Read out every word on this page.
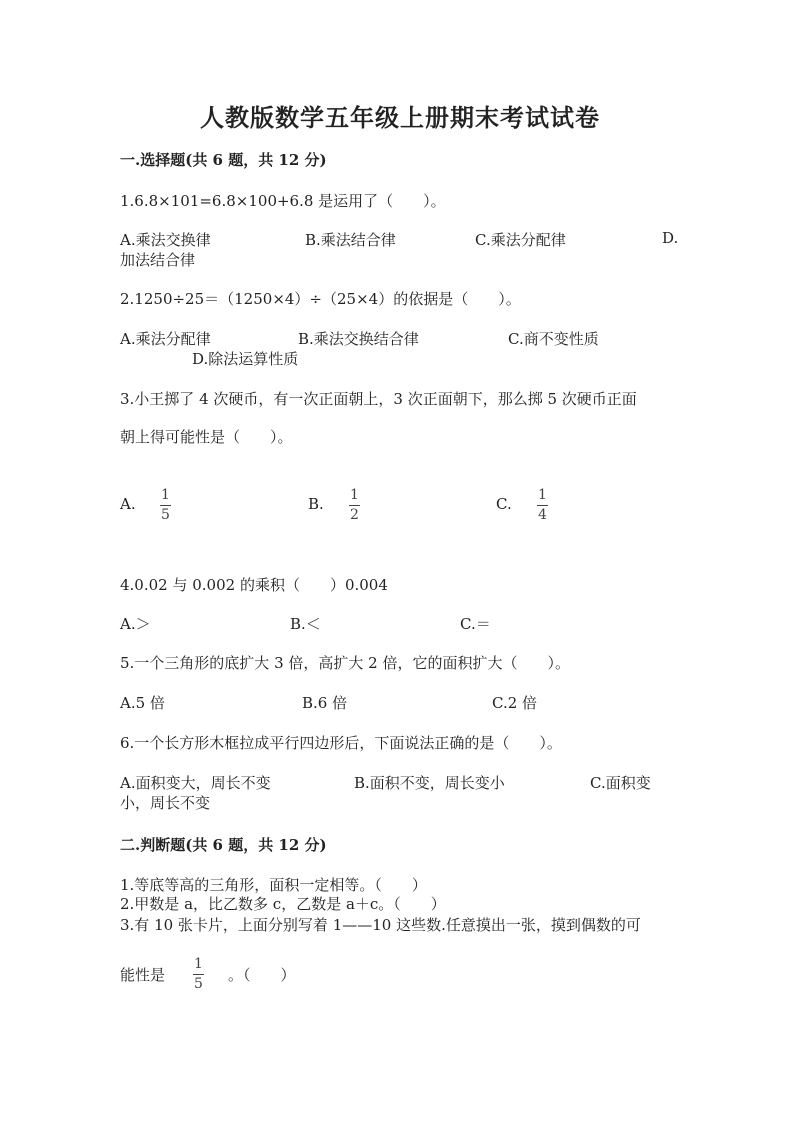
人教版数学五年级上册期末考试试卷
一.选择题(共 6 题，共 12 分)
1.6.8×101=6.8×100+6.8 是运用了（　　）。
A.乘法交换律	B.乘法结合律	C.乘法分配律	D.
加法结合律
2.1250÷25＝（1250×4）÷（25×4）的依据是（　　）。
A.乘法分配律	B.乘法交换结合律	C.商不变性质
D.除法运算性质
3.小王掷了 4 次硬币，有一次正面朝上，3 次正面朝下，那么掷 5 次硬币正面
朝上得可能性是（　　）。
A. 1
5
B. 1
2
C. 1
4
4.0.02 与 0.002 的乘积（　　）0.004
A.＞	B.＜	C.＝
5.一个三角形的底扩大 3 倍，高扩大 2 倍，它的面积扩大（　　）。
A.5 倍	B.6 倍	C.2 倍
6.一个长方形木框拉成平行四边形后，下面说法正确的是（　　）。
A.面积变大，周长不变	B.面积不变，周长变小	C.面积变
小，周长不变
二.判断题(共 6 题，共 12 分)
1.等底等高的三角形，面积一定相等。（　　）
2.甲数是 a，比乙数多 c，乙数是 a＋c。（　　）
3.有 10 张卡片，上面分别写着 1——10 这些数.任意摸出一张，摸到偶数的可
能性是
1
5 。（　　）
